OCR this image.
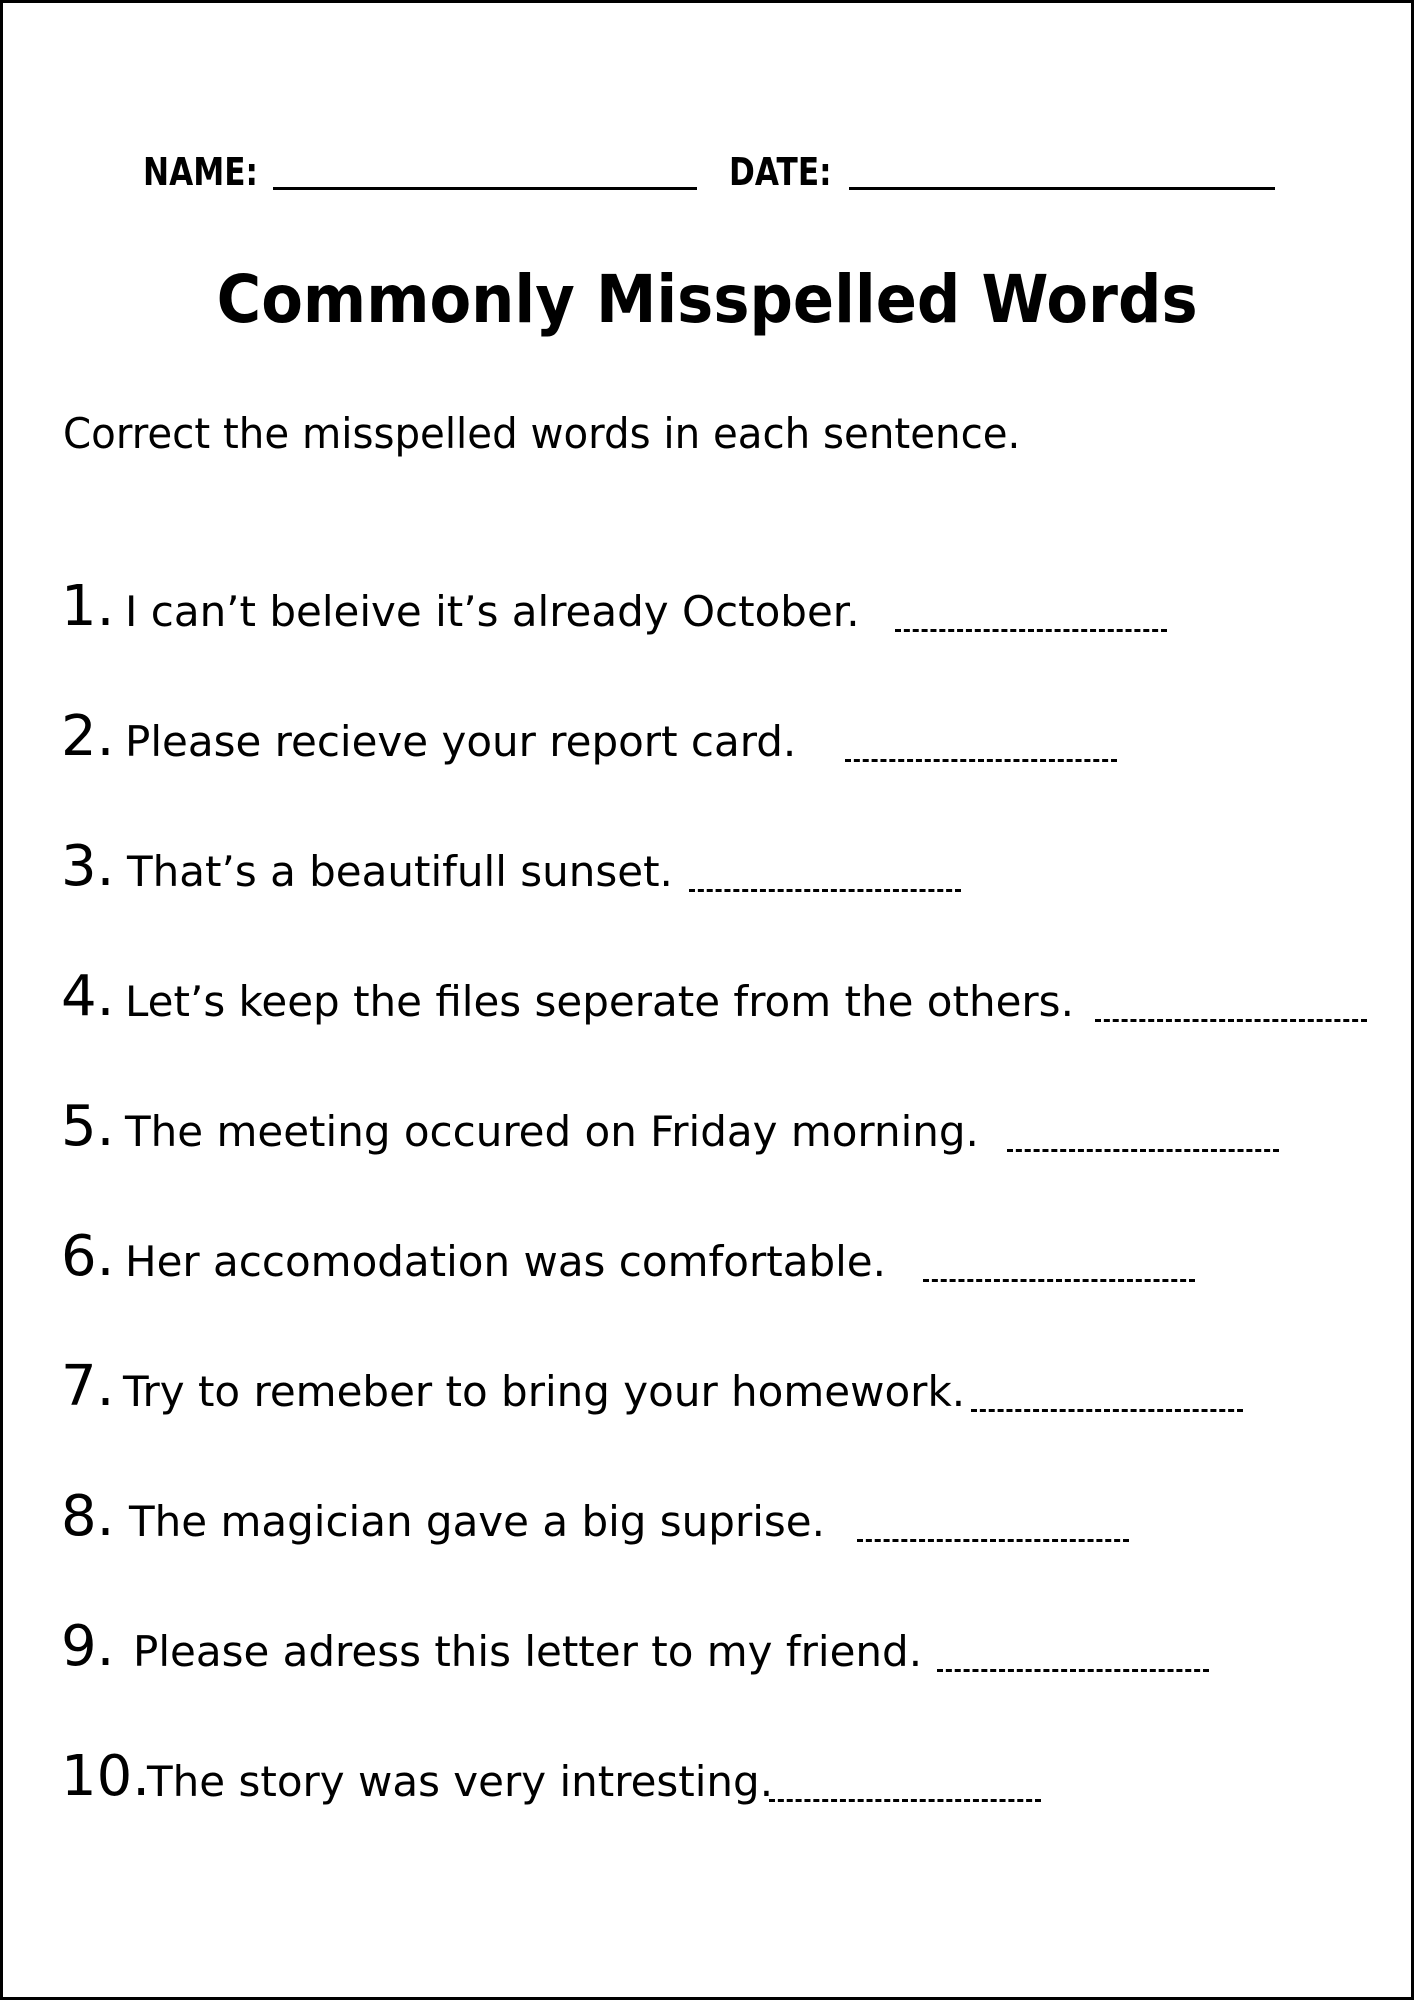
NAME:	DATE:
Commonly Misspelled Words
Correct the misspelled words in each sentence.
1. I can’t beleive it’s already October.
2. Please recieve your report card.
3. That’s a beautifull sunset.
4. Let’s keep the files seperate from the others.
5. The meeting occured on Friday morning.
6. Her accomodation was comfortable.
7. Try to remeber to bring your homework.
8. The magician gave a big suprise.
9. Please adress this letter to my friend.
10.
The story was very intresting.
